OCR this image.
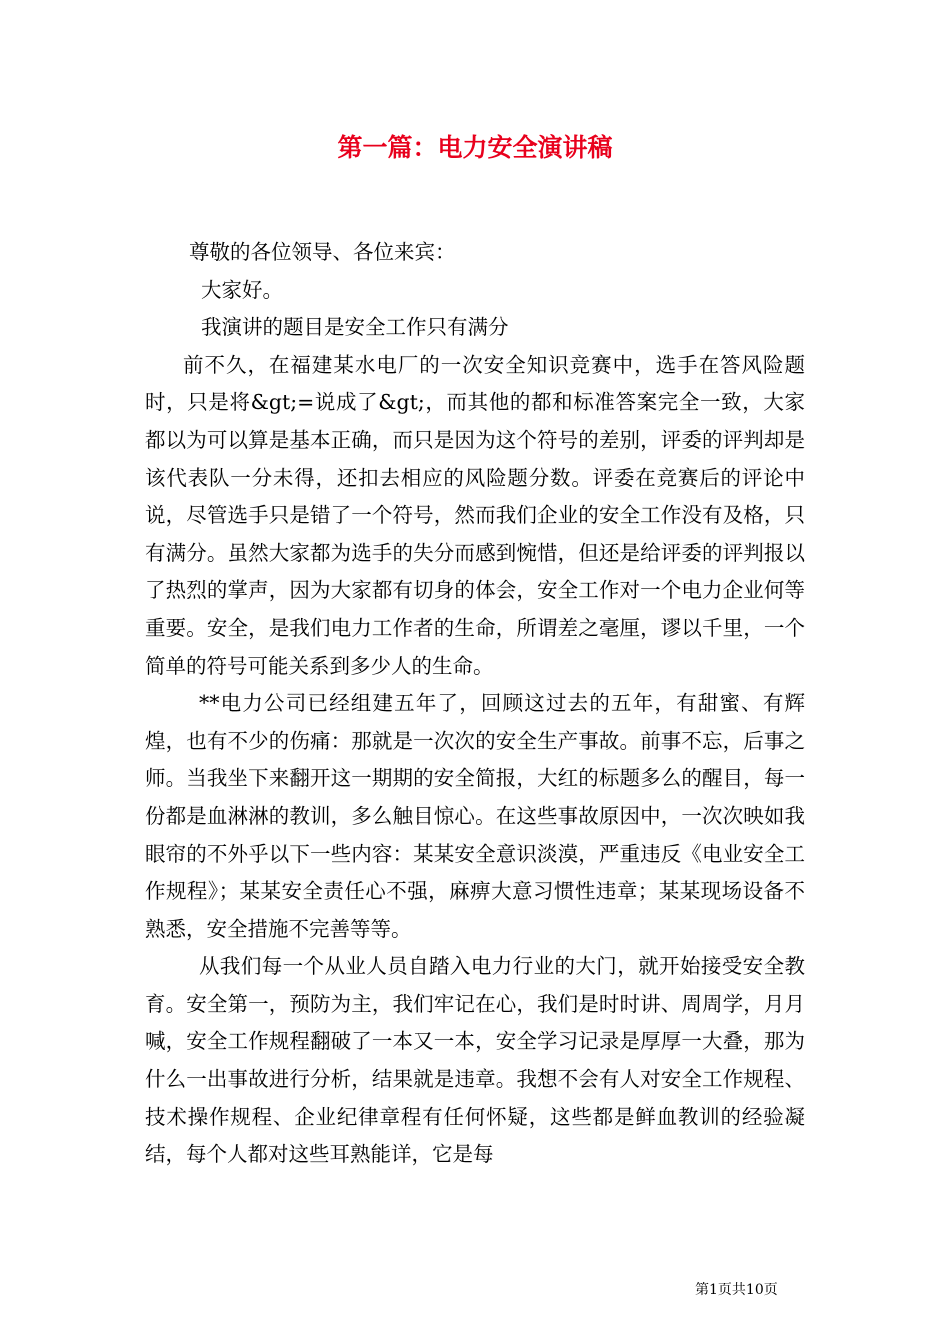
第一篇：电力安全演讲稿

尊敬的各位领导、各位来宾：

大家好。

我演讲的题目是安全工作只有满分

前不久，在福建某水电厂的一次安全知识竞赛中，选手在答风险题时，只是将&gt;=说成了&gt;，而其他的都和标准答案完全一致，大家都以为可以算是基本正确，而只是因为这个符号的差别，评委的评判却是该代表队一分未得，还扣去相应的风险题分数。评委在竞赛后的评论中说，尽管选手只是错了一个符号，然而我们企业的安全工作没有及格，只有满分。虽然大家都为选手的失分而感到惋惜，但还是给评委的评判报以了热烈的掌声，因为大家都有切身的体会，安全工作对一个电力企业何等重要。安全，是我们电力工作者的生命，所谓差之毫厘，谬以千里，一个简单的符号可能关系到多少人的生命。

**电力公司已经组建五年了，回顾这过去的五年，有甜蜜、有辉煌，也有不少的伤痛：那就是一次次的安全生产事故。前事不忘，后事之师。当我坐下来翻开这一期期的安全简报，大红的标题多么的醒目，每一份都是血淋淋的教训，多么触目惊心。在这些事故原因中，一次次映如我眼帘的不外乎以下一些内容：某某安全意识淡漠，严重违反《电业安全工作规程》；某某安全责任心不强，麻痹大意习惯性违章；某某现场设备不熟悉，安全措施不完善等等。

从我们每一个从业人员自踏入电力行业的大门，就开始接受安全教育。安全第一，预防为主，我们牢记在心，我们是时时讲、周周学，月月喊，安全工作规程翻破了一本又一本，安全学习记录是厚厚一大叠，那为什么一出事故进行分析，结果就是违章。我想不会有人对安全工作规程、技术操作规程、企业纪律章程有任何怀疑，这些都是鲜血教训的经验凝结，每个人都对这些耳熟能详，它是每

第1页共10页
